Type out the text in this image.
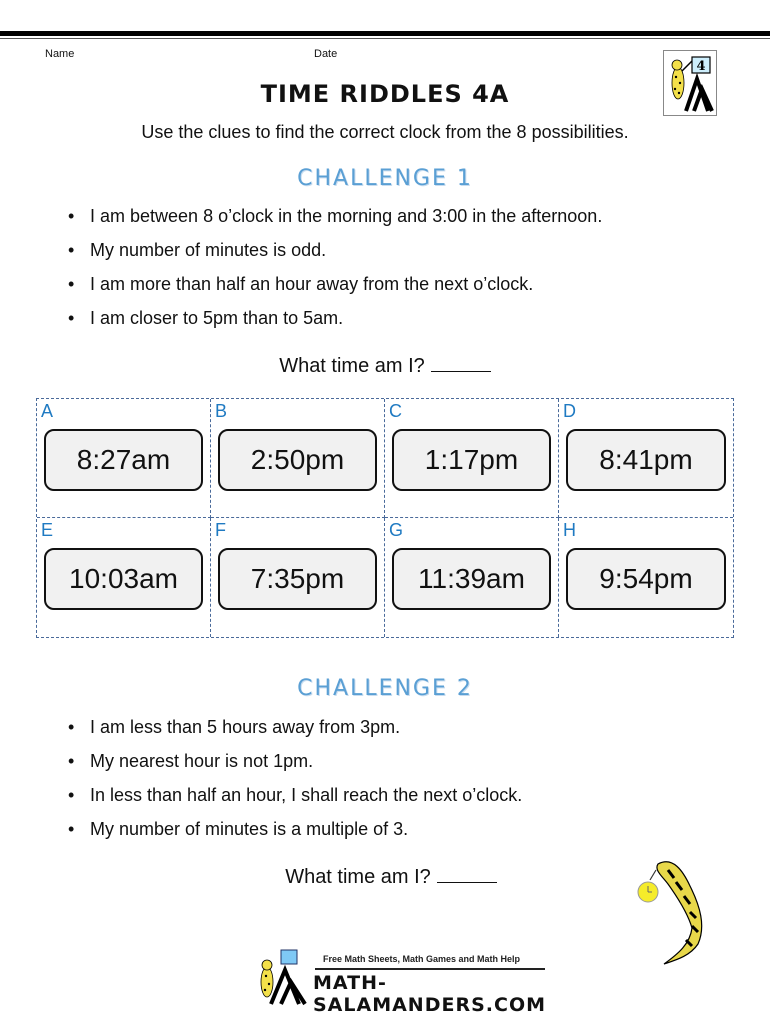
Name	Date
4
TIME RIDDLES 4A
Use the clues to find the correct clock from the 8 possibilities.
CHALLENGE 1
• I am between 8 o’clock in the morning and 3:00 in the afternoon.
• My number of minutes is odd.
• I am more than half an hour away from the next o’clock.
• I am closer to 5pm than to 5am.
What time am I?
A
8:27am
B
2:50pm
C
1:17pm
D
8:41pm
E
10:03am
F
7:35pm
G
11:39am
H
9:54pm
CHALLENGE 2
• I am less than 5 hours away from 3pm.
• My nearest hour is not 1pm.
• In less than half an hour, I shall reach the next o’clock.
• My number of minutes is a multiple of 3.
What time am I?
Free Math Sheets, Math Games and Math Help
MATH-SALAMANDERS.COM
